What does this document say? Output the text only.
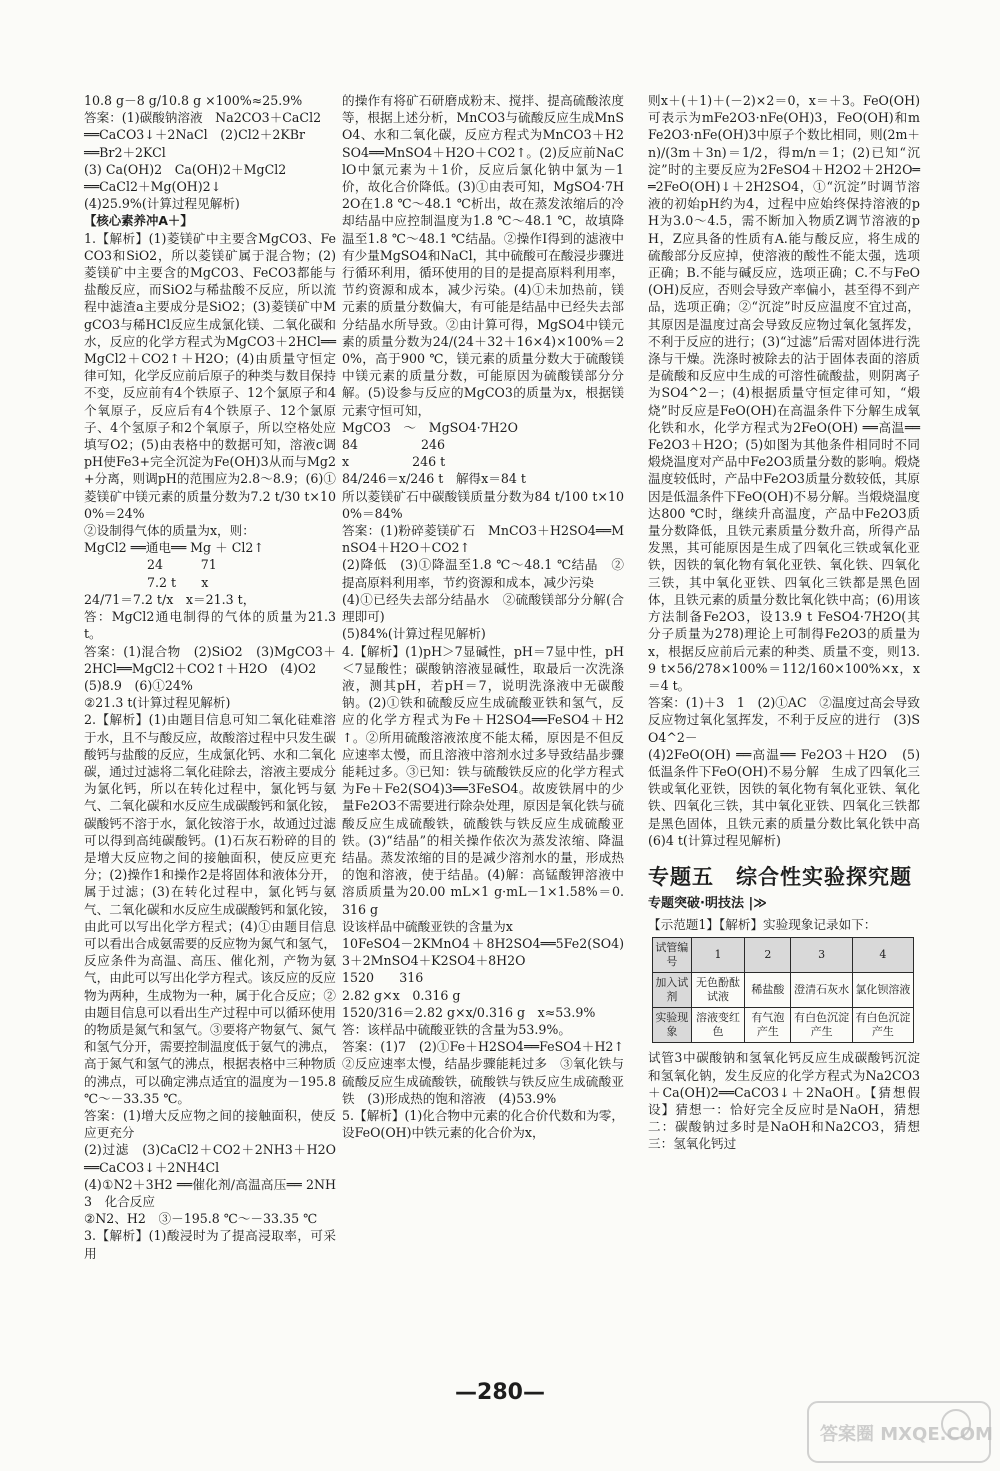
10.8 g－8 g/10.8 g ×100%≈25.9%

答案：(1)碳酸钠溶液　Na2CO3＋CaCl2

══CaCO3↓＋2NaCl　(2)Cl2＋2KBr

══Br2＋2KCl

(3) Ca(OH)2　Ca(OH)2＋MgCl2

══CaCl2＋Mg(OH)2↓

(4)25.9%(计算过程见解析)

【核心素养冲A＋】

1.【解析】(1)菱镁矿中主要含MgCO3、FeCO3和SiO2，所以菱镁矿属于混合物；(2)菱镁矿中主要含的MgCO3、FeCO3都能与盐酸反应，而SiO2与稀盐酸不反应，所以流程中滤渣a主要成分是SiO2；(3)菱镁矿中MgCO3与稀HCl反应生成氯化镁、二氧化碳和水，反应的化学方程式为MgCO3＋2HCl══MgCl2＋CO2↑＋H2O；(4)由质量守恒定律可知，化学反应前后原子的种类与数目保持不变，反应前有4个铁原子、12个氯原子和4个氧原子，反应后有4个铁原子、12个氯原子、4个氢原子和2个氧原子，所以空格处应填写O2；(5)由表格中的数据可知，溶液c调pH使Fe3+完全沉淀为Fe(OH)3从而与Mg2+分离，则调pH的范围应为2.8～8.9；(6)①菱镁矿中镁元素的质量分数为7.2 t/30 t×100%＝24%

②设制得气体的质量为x，则：

MgCl2 ══通电══ Mg ＋ Cl2↑

　　　　　24　　　71

　　　　　7.2 t　　x

24/71＝7.2 t/x　x＝21.3 t，

答：MgCl2通电制得的气体的质量为21.3 t。

答案：(1)混合物　(2)SiO2　(3)MgCO3＋2HCl══MgCl2＋CO2↑＋H2O　(4)O2

(5)8.9　(6)①24%

②21.3 t(计算过程见解析)

2.【解析】(1)由题目信息可知二氧化硅难溶于水，且不与酸反应，故酸溶过程中只发生碳酸钙与盐酸的反应，生成氯化钙、水和二氧化碳，通过过滤将二氧化硅除去，溶液主要成分为氯化钙，所以在转化过程中，氯化钙与氨气、二氧化碳和水反应生成碳酸钙和氯化铵，碳酸钙不溶于水，氯化铵溶于水，故通过过滤可以得到高纯碳酸钙。(1)石灰石粉碎的目的是增大反应物之间的接触面积，使反应更充分；(2)操作1和操作2是将固体和液体分开，属于过滤；(3)在转化过程中，氯化钙与氨气、二氧化碳和水反应生成碳酸钙和氯化铵，由此可以写出化学方程式；(4)①由题目信息可以看出合成氨需要的反应物为氮气和氢气，反应条件为高温、高压、催化剂，产物为氨气，由此可以写出化学方程式。该反应的反应物为两种，生成物为一种，属于化合反应；②由题目信息可以看出生产过程中可以循环使用的物质是氮气和氢气。③要将产物氨气、氮气和氢气分开，需要控制温度低于氨气的沸点，高于氮气和氢气的沸点，根据表格中三种物质的沸点，可以确定沸点适宜的温度为－195.8 ℃～－33.35 ℃。

答案：(1)增大反应物之间的接触面积，使反应更充分

(2)过滤　(3)CaCl2＋CO2＋2NH3＋H2O══CaCO3↓＋2NH4Cl

(4)①N2＋3H2 ══催化剂/高温高压══ 2NH3　化合反应

②N2、H2　③－195.8 ℃～－33.35 ℃

3.【解析】(1)酸浸时为了提高浸取率，可采用

的操作有将矿石研磨成粉末、搅拌、提高硫酸浓度等，根据上述分析，MnCO3与硫酸反应生成MnSO4、水和二氧化碳，反应方程式为MnCO3＋H2SO4══MnSO4＋H2O＋CO2↑。(2)反应前NaClO中氯元素为＋1价，反应后氯化钠中氯为－1价，故化合价降低。(3)①由表可知，MgSO4·7H2O在1.8 ℃～48.1 ℃析出，故在蒸发浓缩后的冷却结晶中应控制温度为1.8 ℃～48.1 ℃，故填降温至1.8 ℃～48.1 ℃结晶。②操作Ⅰ得到的滤液中有少量MgSO4和NaCl，其中硫酸可在酸浸步骤进行循环利用，循环使用的目的是提高原料利用率，节约资源和成本，减少污染。(4)①未加热前，镁元素的质量分数偏大，有可能是结晶中已经失去部分结晶水所导致。②由计算可得，MgSO4中镁元素的质量分数为24/(24＋32＋16×4)×100%＝20%，高于900 ℃，镁元素的质量分数大于硫酸镁中镁元素的质量分数，可能原因为硫酸镁部分分解。(5)设参与反应的MgCO3的质量为x，根据镁元素守恒可知，

MgCO3　～　MgSO4·7H2O

84　　　　　246

x　　　　　246 t

84/246＝x/246 t　解得x＝84 t

所以菱镁矿石中碳酸镁质量分数为84 t/100 t×100%＝84%

答案：(1)粉碎菱镁矿石　MnCO3＋H2SO4══MnSO4＋H2O＋CO2↑

(2)降低　(3)①降温至1.8 ℃～48.1 ℃结晶　②提高原料利用率，节约资源和成本，减少污染

(4)①已经失去部分结晶水　②硫酸镁部分分解(合理即可)

(5)84%(计算过程见解析)

4.【解析】(1)pH＞7显碱性，pH＝7显中性，pH＜7显酸性；碳酸钠溶液显碱性，取最后一次洗涤液，测其pH，若pH＝7，说明洗涤液中无碳酸钠。(2)①铁和硫酸反应生成硫酸亚铁和氢气，反应的化学方程式为Fe＋H2SO4══FeSO4＋H2↑。②所用硫酸溶液浓度不能太稀，原因是不但反应速率太慢，而且溶液中溶剂水过多导致结晶步骤能耗过多。③已知：铁与硫酸铁反应的化学方程式为Fe＋Fe2(SO4)3══3FeSO4。故废铁屑中的少量Fe2O3不需要进行除杂处理，原因是氧化铁与硫酸反应生成硫酸铁，硫酸铁与铁反应生成硫酸亚铁。(3)“结晶”的相关操作依次为蒸发浓缩、降温结晶。蒸发浓缩的目的是减少溶剂水的量，形成热的饱和溶液，使于结晶。(4)解：高锰酸钾溶液中溶质质量为20.00 mL×1 g·mL－1×1.58%＝0.316 g

设该样品中硫酸亚铁的含量为x

10FeSO4－2KMnO4＋8H2SO4══5Fe2(SO4)3＋2MnSO4＋K2SO4＋8H2O

1520　　316

2.82 g×x　0.316 g

1520/316＝2.82 g×x/0.316 g　x≈53.9%

答：该样品中硫酸亚铁的含量为53.9%。

答案：(1)7　(2)①Fe＋H2SO4══FeSO4＋H2↑　②反应速率太慢，结晶步骤能耗过多　③氧化铁与硫酸反应生成硫酸铁，硫酸铁与铁反应生成硫酸亚铁　(3)形成热的饱和溶液　(4)53.9%

5.【解析】(1)化合物中元素的化合价代数和为零，设FeO(OH)中铁元素的化合价为x，

则x＋(＋1)＋(－2)×2＝0，x＝＋3。FeO(OH)可表示为mFe2O3·nFe(OH)3，FeO(OH)和mFe2O3·nFe(OH)3中原子个数比相同，则(2m＋n)/(3m＋3n)＝1/2，得m/n＝1；(2)已知“沉淀”时的主要反应为2FeSO4＋H2O2＋2H2O══2FeO(OH)↓＋2H2SO4，①“沉淀”时调节溶液的初始pH约为4，过程中应始终保持溶液的pH为3.0～4.5，需不断加入物质Z调节溶液的pH，Z应具备的性质有A.能与酸反应，将生成的硫酸部分反应掉，使溶液的酸性不能太强，选项正确；B.不能与碱反应，选项正确；C.不与FeO(OH)反应，否则会导致产率偏小，甚至得不到产品，选项正确；②“沉淀”时反应温度不宜过高，其原因是温度过高会导致反应物过氧化氢挥发，不利于反应的进行；(3)“过滤”后需对固体进行洗涤与干燥。洗涤时被除去的沾于固体表面的溶质是硫酸和反应中生成的可溶性硫酸盐，则阴离子为SO4^2－；(4)根据质量守恒定律可知，“煅烧”时反应是FeO(OH)在高温条件下分解生成氧化铁和水，化学方程式为2FeO(OH) ══高温══ Fe2O3＋H2O；(5)如图为其他条件相同时不同煅烧温度对产品中Fe2O3质量分数的影响。煅烧温度较低时，产品中Fe2O3质量分数较低，其原因是低温条件下FeO(OH)不易分解。当煅烧温度达800 ℃时，继续升高温度，产品中Fe2O3质量分数降低，且铁元素质量分数升高，所得产品发黑，其可能原因是生成了四氧化三铁或氧化亚铁，因铁的氧化物有氧化亚铁、氧化铁、四氧化三铁，其中氧化亚铁、四氧化三铁都是黑色固体，且铁元素的质量分数比氧化铁中高；(6)用该方法制备Fe2O3，设13.9 t FeSO4·7H2O(其分子质量为278)理论上可制得Fe2O3的质量为x，根据反应前后元素的种类、质量不变，则13.9 t×56/278×100%＝112/160×100%×x，x＝4 t。

答案：(1)＋3　1　(2)①AC　②温度过高会导致反应物过氧化氢挥发，不利于反应的进行　(3)SO4^2－

(4)2FeO(OH) ══高温══ Fe2O3＋H2O　(5)低温条件下FeO(OH)不易分解　生成了四氧化三铁或氧化亚铁，因铁的氧化物有氧化亚铁、氧化铁、四氧化三铁，其中氧化亚铁、四氧化三铁都是黑色固体，且铁元素的质量分数比氧化铁中高　(6)4 t(计算过程见解析)

专题五　综合性实验探究题
专题突破·明技法 |≫

【示范题1】【解析】实验现象记录如下：

试管编号	1	2	3	4
加入试剂	无色酚酞试液	稀盐酸	澄清石灰水	氯化钡溶液
实验现象	溶液变红色	有气泡产生	有白色沉淀产生	有白色沉淀产生

试管3中碳酸钠和氢氧化钙反应生成碳酸钙沉淀和氢氧化钠，发生反应的化学方程式为Na2CO3＋Ca(OH)2══CaCO3↓＋2NaOH。【猜想假设】猜想一：恰好完全反应时是NaOH，猜想二：碳酸钠过多时是NaOH和Na2CO3，猜想三：氢氧化钙过

—280—
答案圈 MXQE.COM
